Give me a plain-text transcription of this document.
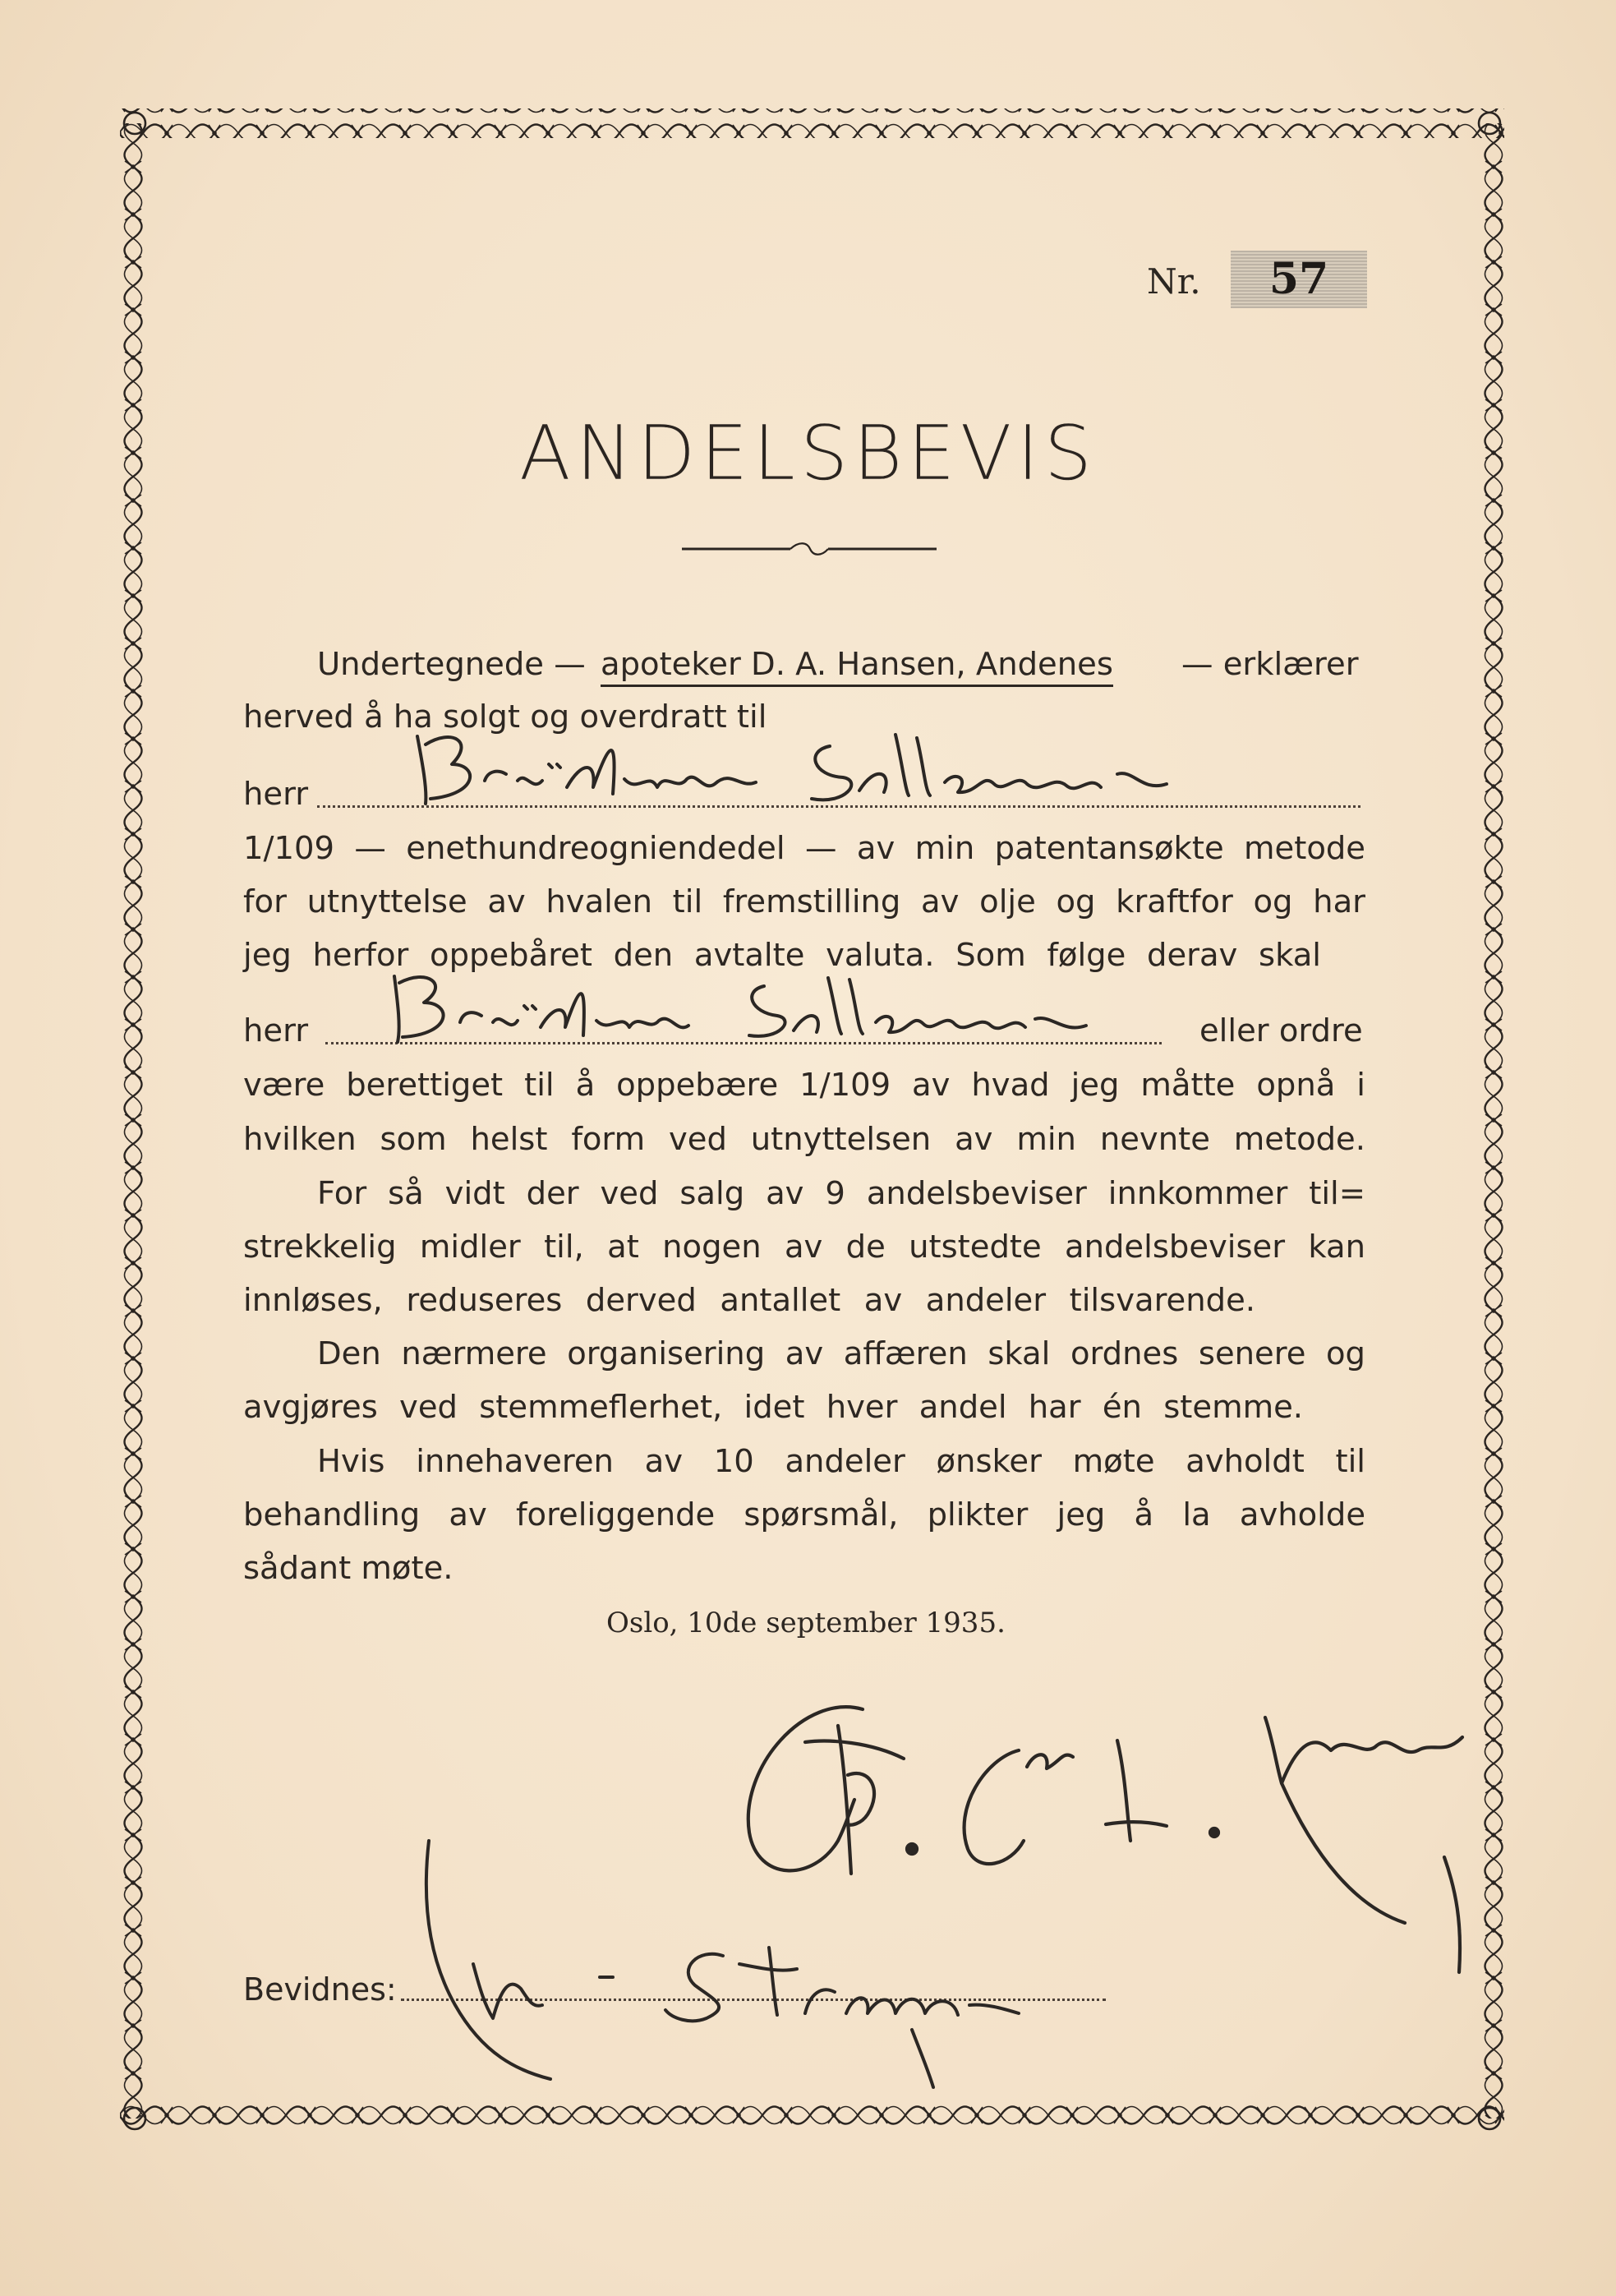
Nr.	57
ANDELSBEVIS
Undertegnede — apoteker D. A. Hansen, Andenes — erklærer
herved å ha solgt og overdratt til
herr
1/109 — enethundreogniendedel — av min patentansøkte metode
for utnyttelse av hvalen til fremstilling av olje og kraftfor og har
jeg herfor oppebåret den avtalte valuta. Som følge derav skal
herr	eller ordre
være berettiget til å oppebære 1/109 av hvad jeg måtte opnå i
hvilken som helst form ved utnyttelsen av min nevnte metode.
For så vidt der ved salg av 9 andelsbeviser innkommer til=
strekkelig midler til, at nogen av de utstedte andelsbeviser kan
innløses, reduseres derved antallet av andeler tilsvarende.
Den nærmere organisering av affæren skal ordnes senere og
avgjøres ved stemmeflerhet, idet hver andel har én stemme.
Hvis innehaveren av 10 andeler ønsker møte avholdt til
behandling av foreliggende spørsmål, plikter jeg å la avholde
sådant møte.
Oslo, 10de september 1935.
Bevidnes:
